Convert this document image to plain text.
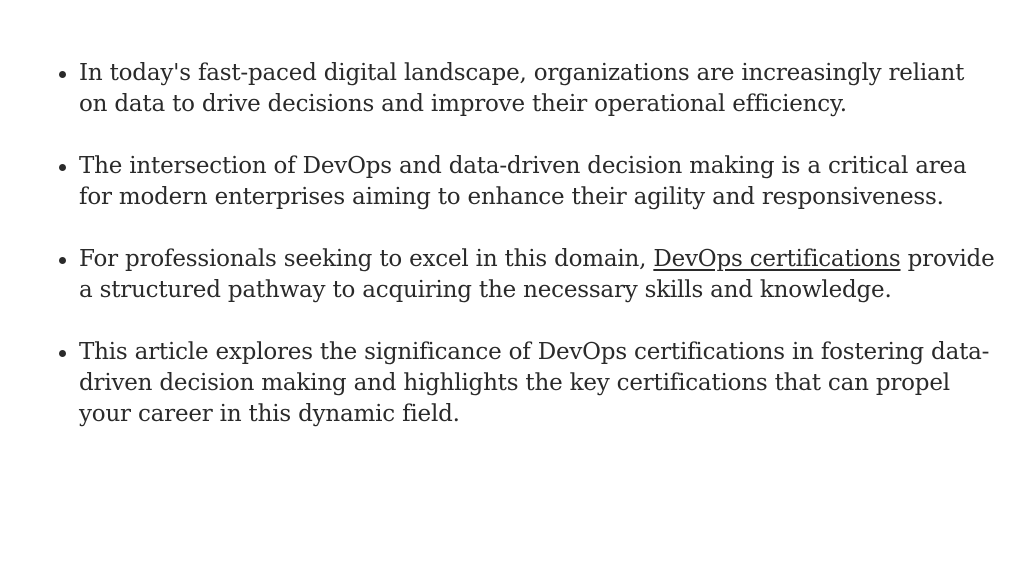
In today's fast-paced digital landscape, organizations are increasingly reliant on data to drive decisions and improve their operational efficiency.
The intersection of DevOps and data-driven decision making is a critical area for modern enterprises aiming to enhance their agility and responsiveness.
For professionals seeking to excel in this domain, DevOps certifications provide a structured pathway to acquiring the necessary skills and knowledge.
This article explores the significance of DevOps certifications in fostering data-driven decision making and highlights the key certifications that can propel your career in this dynamic field.
